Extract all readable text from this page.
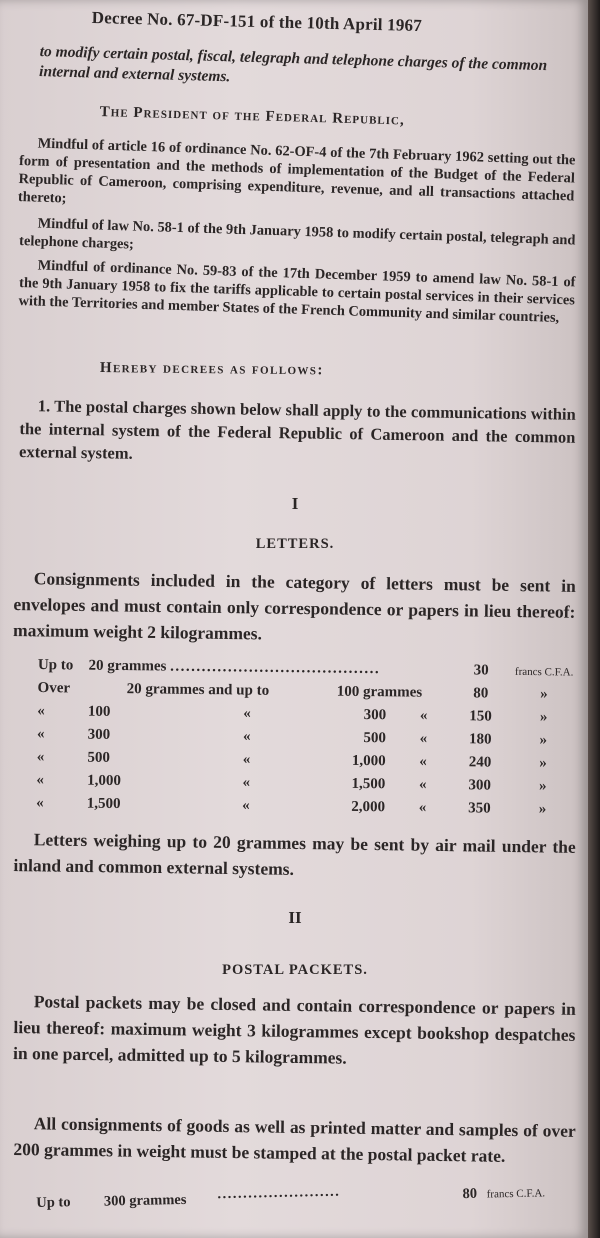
Decree No. 67-DF-151 of the 10th April 1967
to modify certain postal, fiscal, telegraph and telephone charges of the common internal and external systems.
The President of the Federal Republic,
Mindful of article 16 of ordinance No. 62-OF-4 of the 7th February 1962 setting out the form of presentation and the methods of implementation of the Budget of the Federal Republic of Cameroon, comprising expenditure, revenue, and all transactions attached thereto;
Mindful of law No. 58-1 of the 9th January 1958 to modify certain postal, telegraph and telephone charges;
Mindful of ordinance No. 59-83 of the 17th December 1959 to amend law No. 58-1 of the 9th January 1958 to fix the tariffs applicable to certain postal services in their services with the Territories and member States of the French Community and similar countries,
Hereby decrees as follows:
1. The postal charges shown below shall apply to the communications within the internal system of the Federal Republic of Cameroon and the common external system.
I
LETTERS.
Consignments included in the category of letters must be sent in envelopes and must contain only correspondence or papers in lieu thereof: maximum weight 2 kilogrammes.
Up to	20 grammes ........................................				30	francs C.F.A.
Over	20 grammes and up to		100 grammes		80	»
«	100	«	300	«	150	»
«	300	«	500	«	180	»
«	500	«	1,000	«	240	»
«	1,000	«	1,500	«	300	»
«	1,500	«	2,000	«	350	»
Letters weighing up to 20 grammes may be sent by air mail under the inland and common external systems.
II
POSTAL PACKETS.
Postal packets may be closed and contain correspondence or papers in lieu thereof: maximum weight 3 kilogrammes except bookshop despatches in one parcel, admitted up to 5 kilogrammes.
All consignments of goods as well as printed matter and samples of over 200 grammes in weight must be stamped at the postal packet rate.
Up to 300 grammes ........................	80 francs C.F.A.
